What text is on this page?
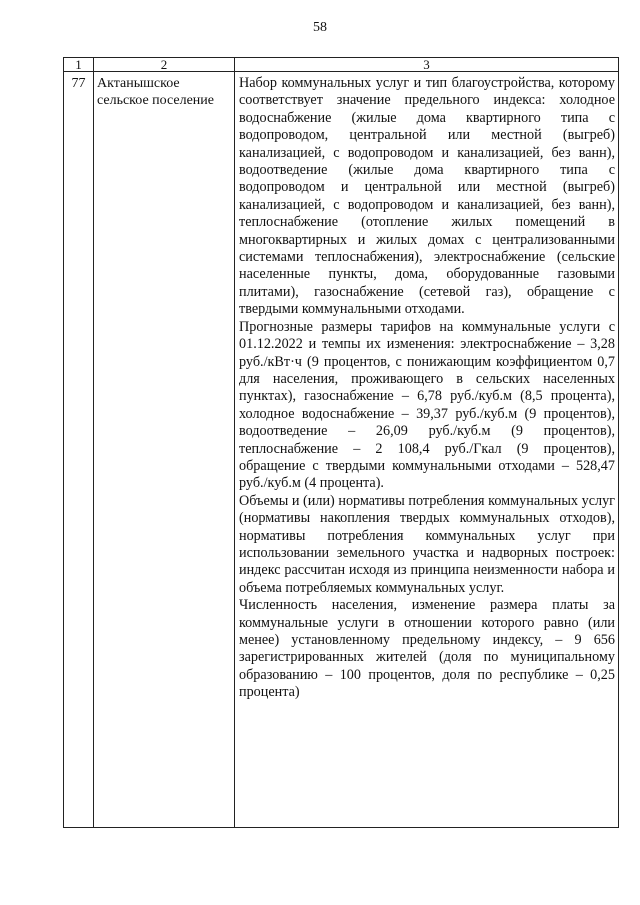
58
1	2	3
77	Актанышское сельское поселение	Набор коммунальных услуг и тип благоустройства, которому соответствует значение предельного индекса: холодное водоснабжение (жилые дома квартирного типа с водопроводом, центральной или местной (выгреб) канализацией, с водопроводом и канализацией, без ванн), водоотведение (жилые дома квартирного типа с водопроводом и центральной или местной (выгреб) канализацией, с водопроводом и канализацией, без ванн), теплоснабжение (отопление жилых помещений в многоквартирных и жилых домах с централизованными системами теплоснабжения), электроснабжение (сельские населенные пункты, дома, оборудованные газовыми плитами), газоснабжение (сетевой газ), обращение с твердыми коммунальными отходами.

Прогнозные размеры тарифов на коммунальные услуги с 01.12.2022 и темпы их изменения: электроснабжение – 3,28 руб./кВт·ч (9 процентов, с понижающим коэффициентом 0,7 для населения, проживающего в сельских населенных пунктах), газоснабжение – 6,78 руб./куб.м (8,5 процента), холодное водоснабжение – 39,37 руб./куб.м (9 процентов), водоотведение – 26,09 руб./куб.м (9 процентов), теплоснабжение – 2 108,4 руб./Гкал (9 процентов), обращение с твердыми коммунальными отходами – 528,47 руб./куб.м (4 процента).

Объемы и (или) нормативы потребления коммунальных услуг (нормативы накопления твердых коммунальных отходов), нормативы потребления коммунальных услуг при использовании земельного участка и надворных построек: индекс рассчитан исходя из принципа неизменности набора и объема потребляемых коммунальных услуг.

Численность населения, изменение размера платы за коммунальные услуги в отношении которого равно (или менее) установленному предельному индексу, – 9 656 зарегистрированных жителей (доля по муниципальному образованию – 100 процентов, доля по республике – 0,25 процента)
